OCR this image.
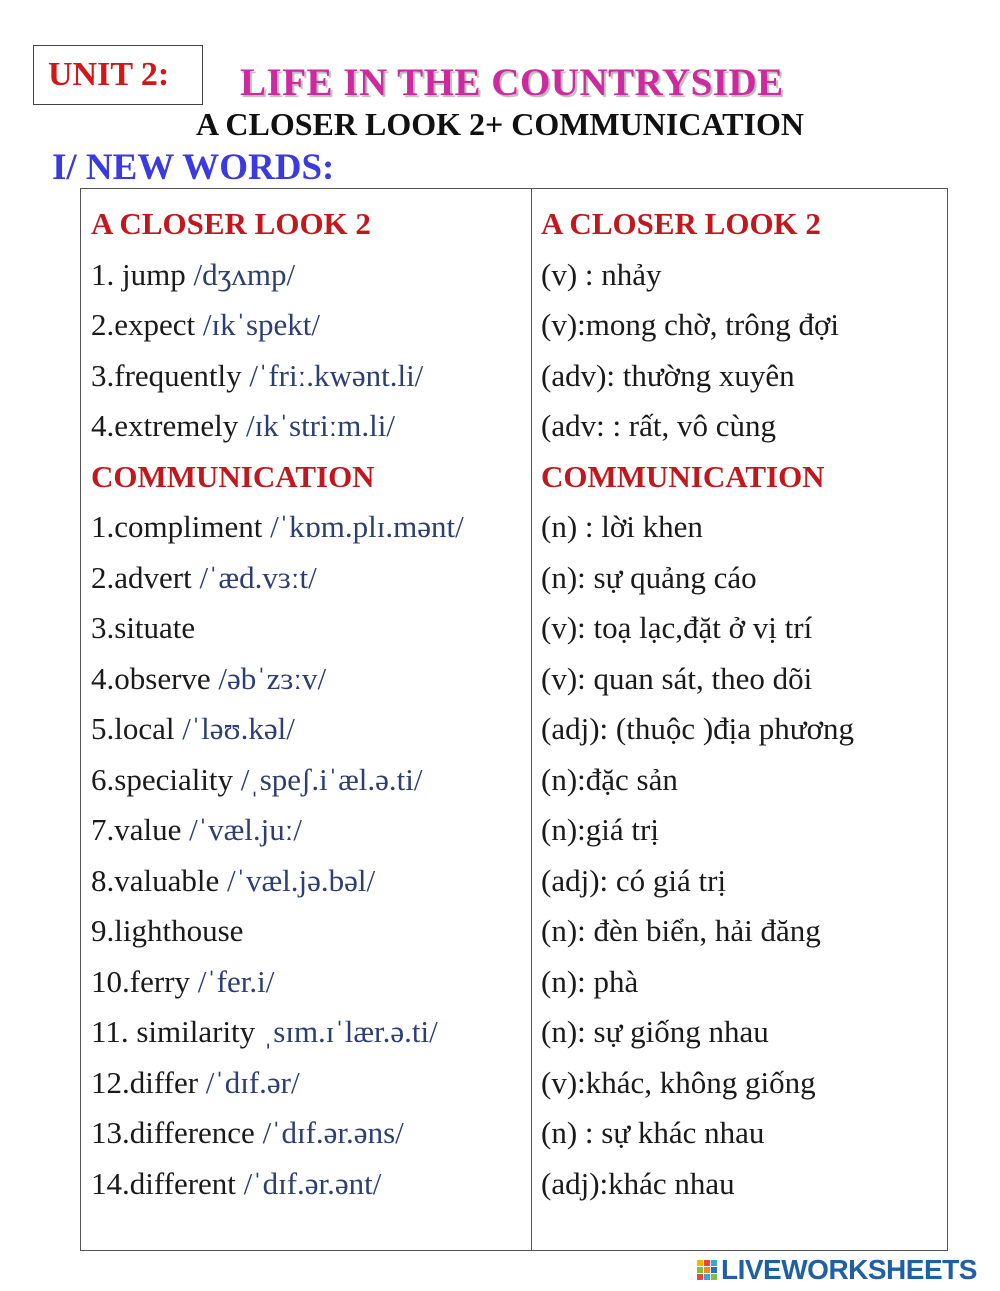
UNIT 2:	LIFE IN THE COUNTRYSIDE
A CLOSER LOOK 2+ COMMUNICATION
I/ NEW WORDS:
A CLOSER LOOK 2
1. jump /dʒʌmp/
2.expect /ɪkˈspekt/
3.frequently /ˈfriː.kwənt.li/
4.extremely /ɪkˈstriːm.li/
COMMUNICATION
1.compliment /ˈkɒm.plɪ.mənt/
2.advert /ˈæd.vɜːt/
3.situate
4.observe /əbˈzɜːv/
5.local /ˈləʊ.kəl/
6.speciality /ˌspeʃ.iˈæl.ə.ti/
7.value /ˈvæl.juː/
8.valuable /ˈvæl.jə.bəl/
9.lighthouse
10.ferry /ˈfer.i/
11. similarity ˌsɪm.ɪˈlær.ə.ti/
12.differ /ˈdɪf.ər/
13.difference /ˈdɪf.ər.əns/
14.different /ˈdɪf.ər.ənt/
A CLOSER LOOK 2
(v) : nhảy
(v):mong chờ, trông đợi
(adv): thường xuyên
(adv: : rất, vô cùng
COMMUNICATION
(n) : lời khen
(n): sự quảng cáo
(v): toạ lạc,đặt ở vị trí
(v): quan sát, theo dõi
(adj): (thuộc )địa phương
(n):đặc sản
(n):giá trị
(adj): có giá trị
(n): đèn biển, hải đăng
(n): phà
(n): sự giống nhau
(v):khác, không giống
(n) : sự khác nhau
(adj):khác nhau
LIVEWORKSHEETS
